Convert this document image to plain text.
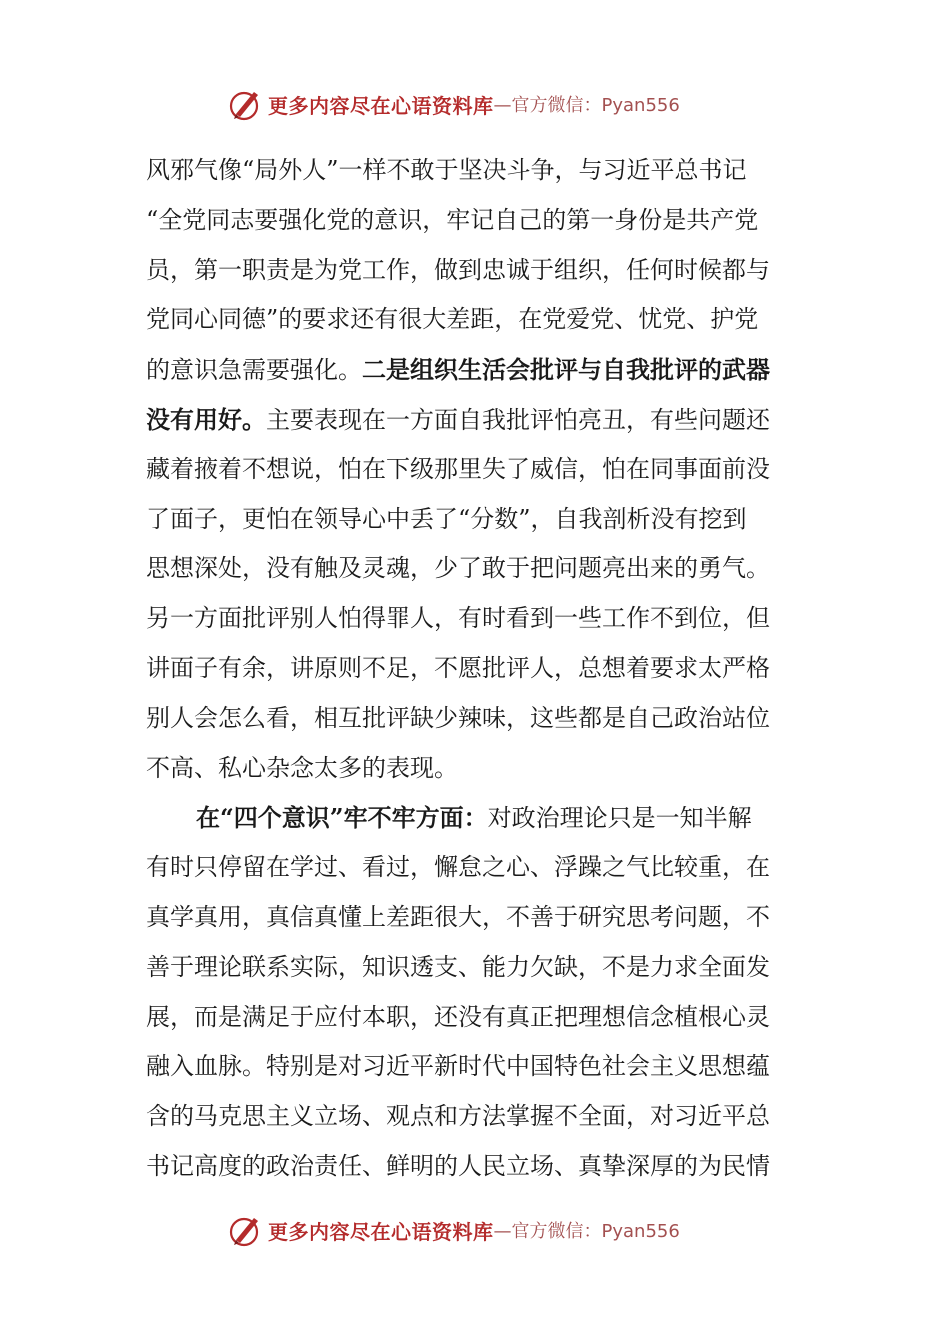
更多内容尽在心语资料库 —官方微信：Pyan556
风邪气像“局外人”一样不敢于坚决斗争，与习近平总书记
“全党同志要强化党的意识，牢记自己的第一身份是共产党
员，第一职责是为党工作，做到忠诚于组织，任何时候都与
党同心同德”的要求还有很大差距，在党爱党、忧党、护党
的意识急需要强化。二是组织生活会批评与自我批评的武器
没有用好。主要表现在一方面自我批评怕亮丑，有些问题还
藏着掖着不想说，怕在下级那里失了威信，怕在同事面前没
了面子，更怕在领导心中丢了“分数”，自我剖析没有挖到
思想深处，没有触及灵魂，少了敢于把问题亮出来的勇气。
另一方面批评别人怕得罪人，有时看到一些工作不到位，但
讲面子有余，讲原则不足，不愿批评人，总想着要求太严格
别人会怎么看，相互批评缺少辣味，这些都是自己政治站位
不高、私心杂念太多的表现。
在“四个意识”牢不牢方面：对政治理论只是一知半解
有时只停留在学过、看过，懈怠之心、浮躁之气比较重，在
真学真用，真信真懂上差距很大，不善于研究思考问题，不
善于理论联系实际，知识透支、能力欠缺，不是力求全面发
展，而是满足于应付本职，还没有真正把理想信念植根心灵
融入血脉。特别是对习近平新时代中国特色社会主义思想蕴
含的马克思主义立场、观点和方法掌握不全面，对习近平总
书记高度的政治责任、鲜明的人民立场、真挚深厚的为民情
更多内容尽在心语资料库 —官方微信：Pyan556
